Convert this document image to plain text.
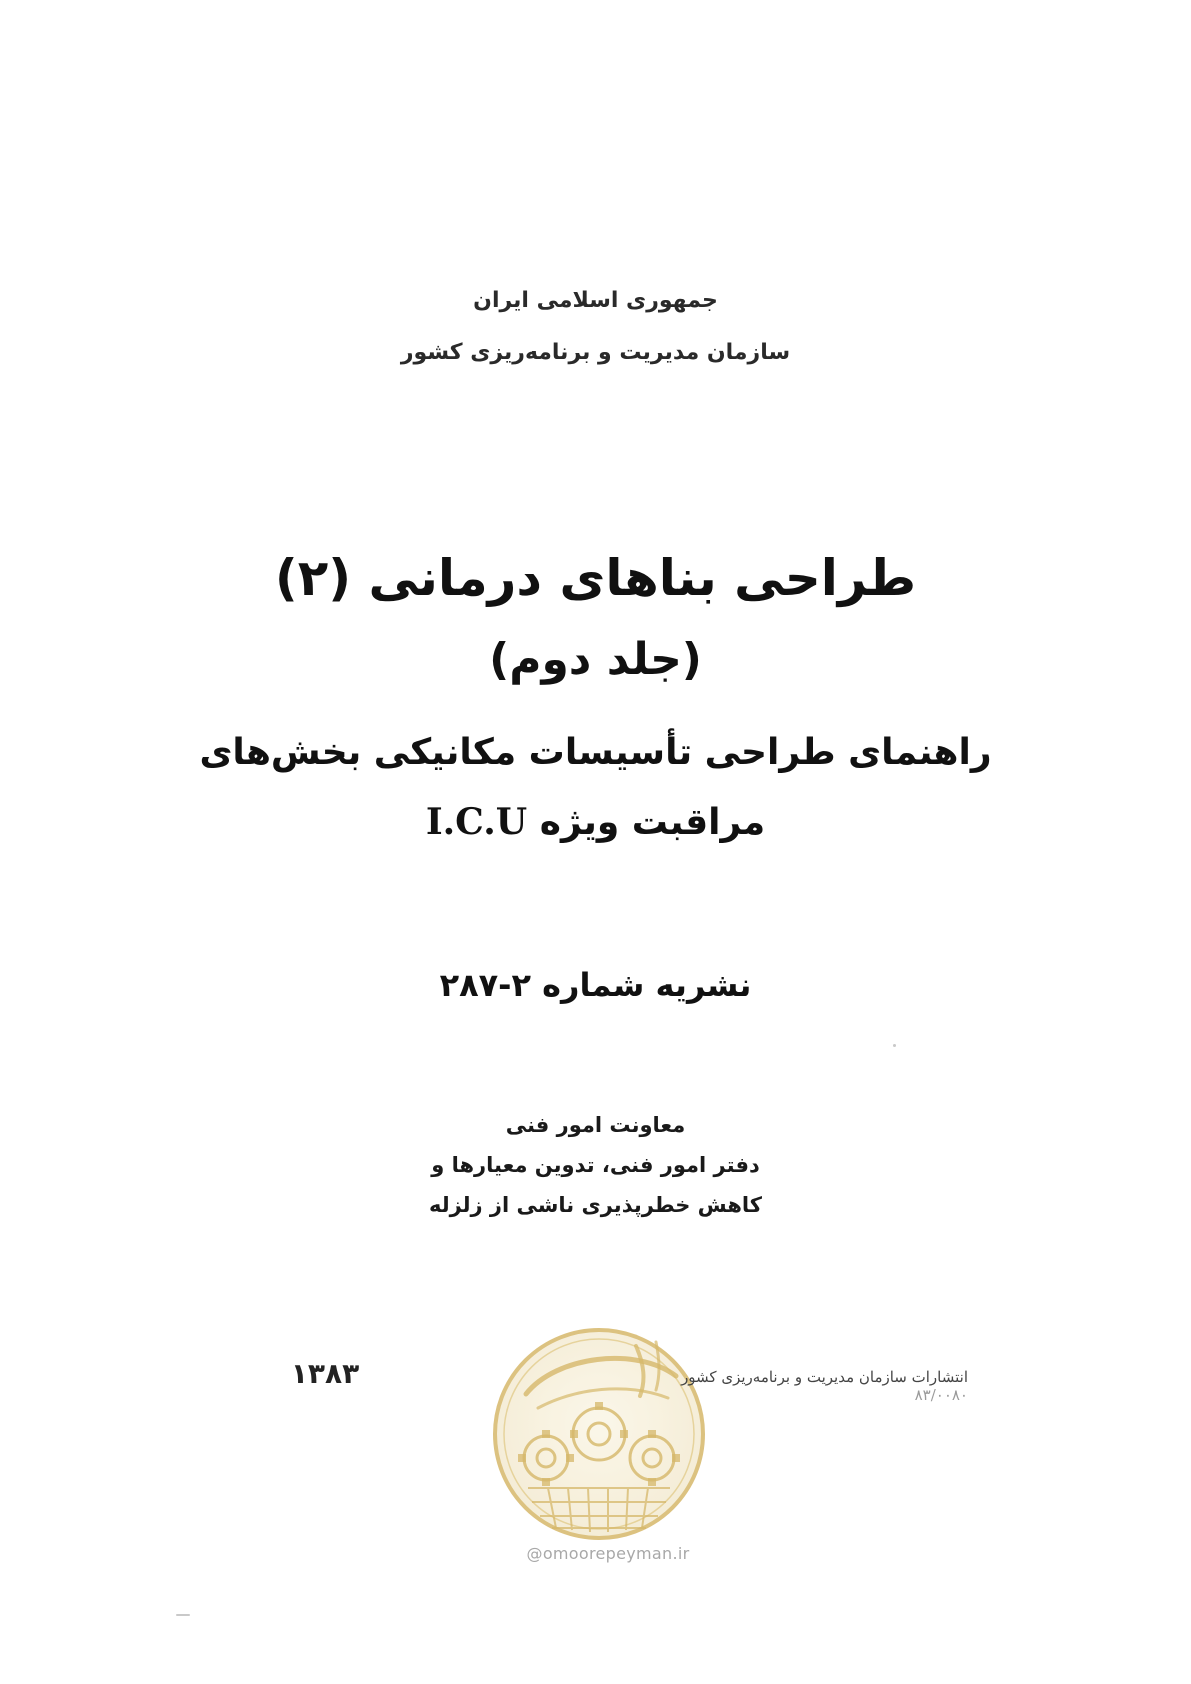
جمهوری اسلامی ایران
سازمان مدیریت و برنامه‌ریزی کشور
طراحی بناهای درمانی (۲)
(جلد دوم)
راهنمای طراحی تأسیسات مکانیکی بخش‌های
مراقبت ویژه I.C.U
نشریه شماره ۲-۲۸۷
معاونت امور فنی
دفتر امور فنی، تدوین معیارها و
کاهش خطرپذیری ناشی از زلزله
۱۳۸۳	انتشارات سازمان مدیریت و برنامه‌ریزی کشور ۸۳/۰۰۸۰
@omoorepeyman.ir
